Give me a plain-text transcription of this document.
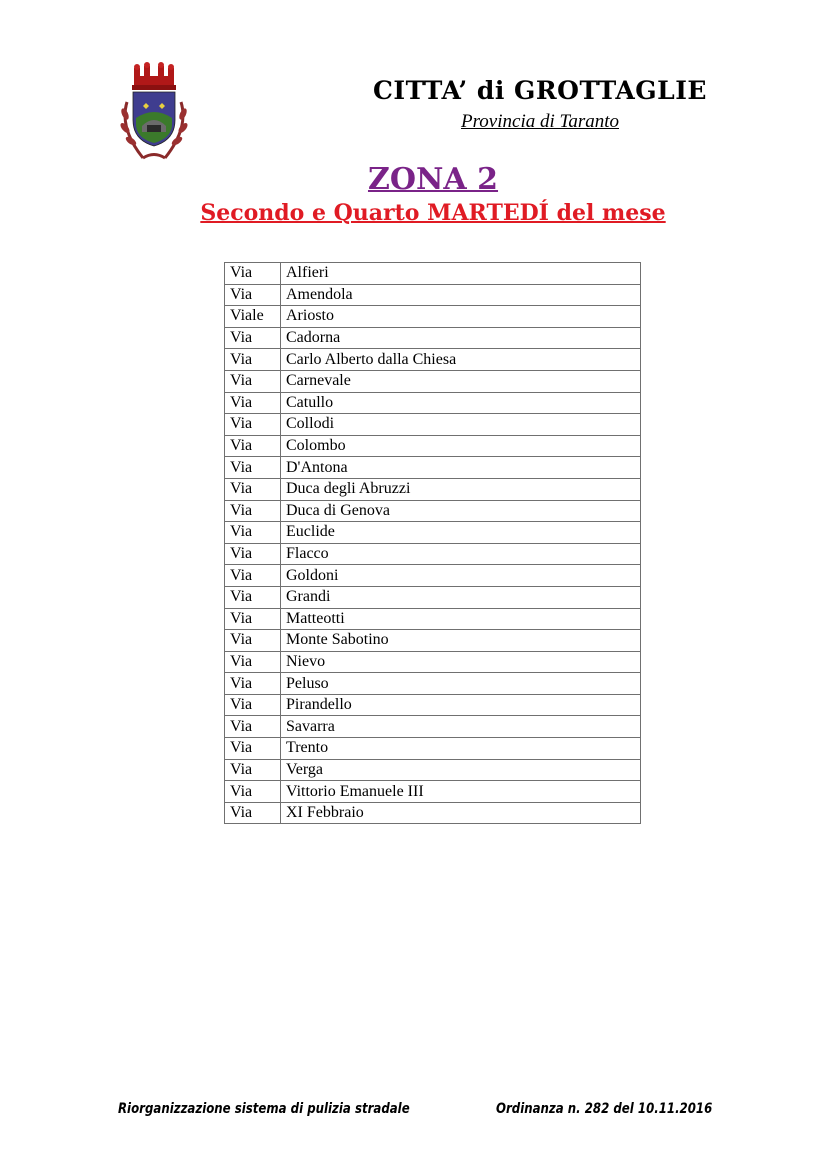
CITTA’ di GROTTAGLIE
Provincia di Taranto
ZONA 2
Secondo e Quarto MARTEDÍ del mese
Via	Alfieri
Via	Amendola
Viale	Ariosto
Via	Cadorna
Via	Carlo Alberto dalla Chiesa
Via	Carnevale
Via	Catullo
Via	Collodi
Via	Colombo
Via	D'Antona
Via	Duca degli Abruzzi
Via	Duca di Genova
Via	Euclide
Via	Flacco
Via	Goldoni
Via	Grandi
Via	Matteotti
Via	Monte Sabotino
Via	Nievo
Via	Peluso
Via	Pirandello
Via	Savarra
Via	Trento
Via	Verga
Via	Vittorio Emanuele III
Via	XI Febbraio
Riorganizzazione sistema di pulizia stradale	Ordinanza n. 282 del 10.11.2016
